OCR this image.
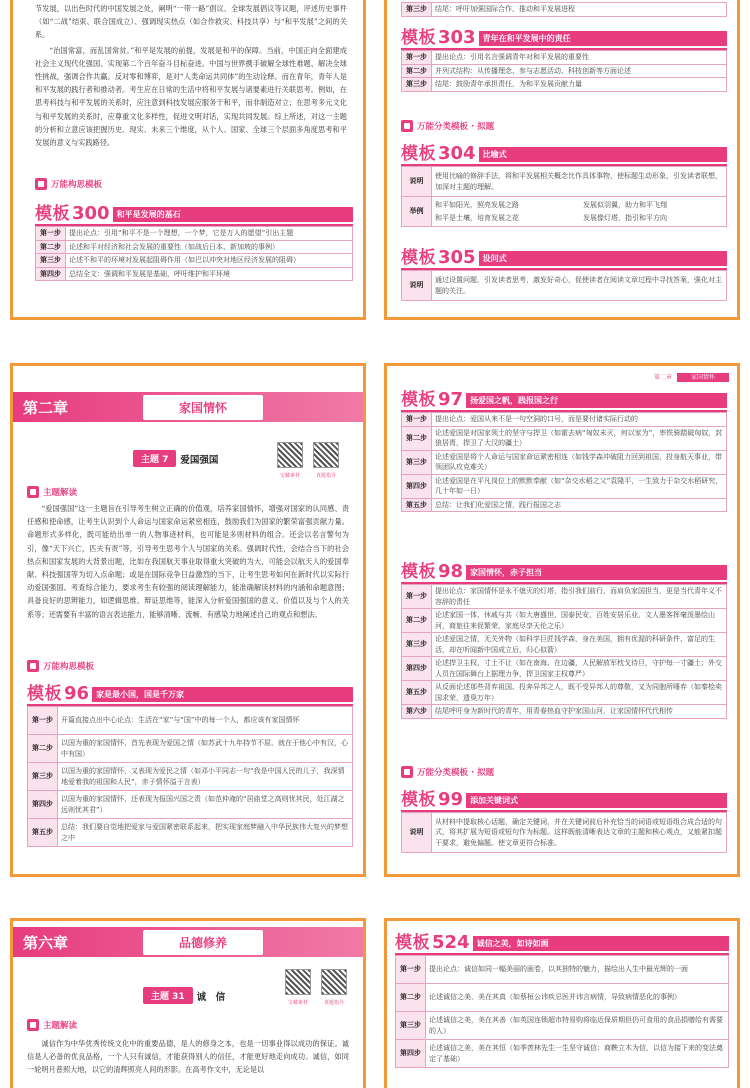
节发展，以出色时代的中国发展之处，阐明“一带一路”倡议、全球发展倡议等议题，评述历史事件（如“二战”结束、联合国成立）、强调现实热点（如合作救灾、科技共享）与“和平发展”之间的关系。

“治国常富，而乱国常贫。”和平是发展的前提，发展是和平的保障。当前，中国正向全面建成社会主义现代化强国、实现第二个百年奋斗目标奋进。中国与世界携手破解全球性难题、解决全球性挑战，强调合作共赢。反对零和博弈，是对“人类命运共同体”的生动诠释。而在青年，青年人是和平发展的践行者和推动者。考生应在日常的生活中将和平发展与诸要素进行关联思考。例如，在思考科技与和平发展的关系时，应注意到科技发展应服务于和平，而非制造对立；在思考多元文化与和平发展的关系时，应尊重文化多样性，促进文明对话，实现共同发展。综上所述，对这一主题的分析和立意应该把握历史、现实、未来三个维度，从个人、国家、全球三个层面多角度思考和平发展的意义与实践路径。

万能构思模板
模板 300 和平是发展的基石
第一步	提出论点：引用“和平不是一个理想，一个梦，它是万人的愿望”引出主题
第二步	论述和平对经济和社会发展的重要性（如战后日本、新加坡的事例）
第三步	论述不和平的环境对发展起阻碍作用（如巴以冲突对地区经济发展的阻碍）
第四步	总结全文：强调和平发展是基础，呼吁维护和平环境
第三步	结尾：呼吁加强国际合作，推动和平发展进程
模板 303 青年在和平发展中的责任
第一步	提出论点：引用名言强调青年对和平发展的重要性
第二步	并列式结构：从传播理念、参与志愿活动、科技创新等方面论述
第三步	结尾：鼓励青年承担责任，为和平发展贡献力量
万能分类模板 · 拟题
模板 304 比喻式
说明	使用比喻的修辞手法，将和平发展相关概念比作具体事物，使标题生动形象，引发读者联想，加深对主题的理解。
举例	和平如阳光，照亮发展之路 发展似羽翼，助力和平飞翔
和平是土壤，培育发展之花 发展像灯塔，指引和平方向
模板 305 设问式
说明	通过设置问题，引发读者思考，激发好奇心，促使读者在阅读文章过程中寻找答案，强化对主题的关注。
第二章	家国情怀
主题 7	爱国强国
宝藏素材	真题指导
主题解读

“爱国强国”这一主题旨在引导考生树立正确的价值观，培养家国情怀，增强对国家的认同感、责任感和使命感，让考生认识到个人命运与国家命运紧密相连，鼓励我们为国家的繁荣富强贡献力量。命题形式多样化，既可能给出单一的人物事迹材料，也可能是多则材料的组合。还会以名言警句为引，像“天下兴亡，匹夫有责”等，引导考生思考个人与国家的关系。强调时代性，会结合当下的社会热点和国家发展的大背景出题，比如在我国航天事业取得重大突破的为大，可能会以航天人的爱国奉献、科技强国等为切入点命题；或是在国际竞争日益激烈的当下，让考生思考如何在新时代以实际行动爱国强国。考查综合能力，要求考生有较强的阅读理解能力，能准确解读材料的内涵和命题意图；具备良好的思辨能力，如逻辑思维、辩证思维等，能深入分析爱国强国的意义、价值以及与个人的关系等；还需要有丰富的语言表达能力，能够清晰、流畅、有感染力地阐述自己的观点和想法。

万能构思模板
模板 96 家是最小国，国是千万家
第一步	开篇直接点出中心论点：生活在“家”与“国”中的每一个人，都应该有家国情怀
第二步	以国为重的家国情怀，首先表现为爱国之情（如苏武十九年持节不屈，就在于他心中有汉，心中有国）
第三步	以国为重的家国情怀，又表现为爱民之情（如邓小平同志一句“我是中国人民的儿子，我深情地爱着我的祖国和人民”，赤子情怀溢于言表）
第四步	以国为重的家国情怀，还表现为报国兴国之责（如范仲淹的“居庙堂之高则忧其民，处江湖之远则忧其君”）
第五步	总结：我们要自觉地把爱家与爱国紧密联系起来，把实现家庭梦融入中华民族伟大复兴的梦想之中
第二章	家国情怀
模板 97 扬爱国之帆，践报国之行
第一步	提出论点：爱国从来不是一句空洞的口号，而是要付诸实际行动的
第二步	论述爱国是对国家领土的坚守与捍卫（如霍去病“匈奴未灭，何以家为”，率铁骑踏破匈奴，封狼居胥，捍卫了大汉的疆土）
第三步	论述爱国是将个人命运与国家命运紧密相连（如钱学森冲破阻力回到祖国，投身航天事业，带领团队攻克难关）
第四步	论述爱国是在平凡岗位上的默默奉献（如“杂交水稻之父”袁隆平，一生致力于杂交水稻研究，几十年如一日）
第五步	总结：让我们化爱国之情，践行报国之志
模板 98 家国情怀，赤子担当
第一步	提出论点：家国情怀是永不熄灭的灯塔，指引我们前行，而肩负家国担当，更是当代青年义不容辞的责任
第二步	论述家国一体，休戚与共（如大唐盛世，国泰民安，百姓安居乐业，文人墨客挥毫泼墨绘山河，商旅往来促繁荣，家庭尽享天伦之乐）
第三步	论述爱国之情，无关外物（如科学巨匠钱学森，身在美国，拥有优渥的科研条件、富足的生活，却在听闻新中国成立后，归心似箭）
第四步	论述捍卫主权，寸土不让（如在南海、在边疆，人民解放军枕戈待旦，守护每一寸疆土；外交人员在国际舞台上据理力争，捍卫国家主权尊严）
第五步	从反面论述那些背弃祖国、投奔异邦之人，既不受异邦人的尊敬，又为同胞所唾弃（如秦桧卖国求荣，遗臭万年）
第六步	结尾呼吁身为新时代的青年，用青春热血守护家国山河，让家国情怀代代相传
万能分类模板 · 拟题
模板 99 添加关键词式
说明	从材料中提取核心话题，确定关键词，并在关键词前后补充恰当的词语或短语组合成合适的句式，将其扩展为短语或短句作为标题。这样既能清晰表达文章的主题和核心观点，又能紧扣题干要求，避免偏题。使文章更符合标准。
第六章	品德修养
主题 31	诚　信
宝藏素材	真题指导
主题解读

诚信作为中华优秀传统文化中的重要品德，是人的修身之本，也是一切事业得以成功的保证。诚信是人必备的优良品格，一个人只有诚信，才能获得别人的信任，才能更好地走向成功。诚信，如同一轮明月普照大地，以它的清辉照亮人间的形影。在高考作文中，无论是以

模板 524 诚信之美，如诗如画
第一步	提出论点：诚信如同一幅美丽的画卷，以其独特的魅力，描绘出人生中最光辉的一面
第二步	论述诚信之美，美在其真（如蔡桓公讳疾忌医并讳言病情，导致病情恶化的事例）
第三步	论述诚信之美，美在其善（如英国连锁超市特易购将临近保质期但仍可食用的食品捐赠给有需要的人）
第四步	论述诚信之美，美在其恒（如季羡林先生一生坚守诚信；商鞅立木为信，以信为接下来的变法奠定了基础）
